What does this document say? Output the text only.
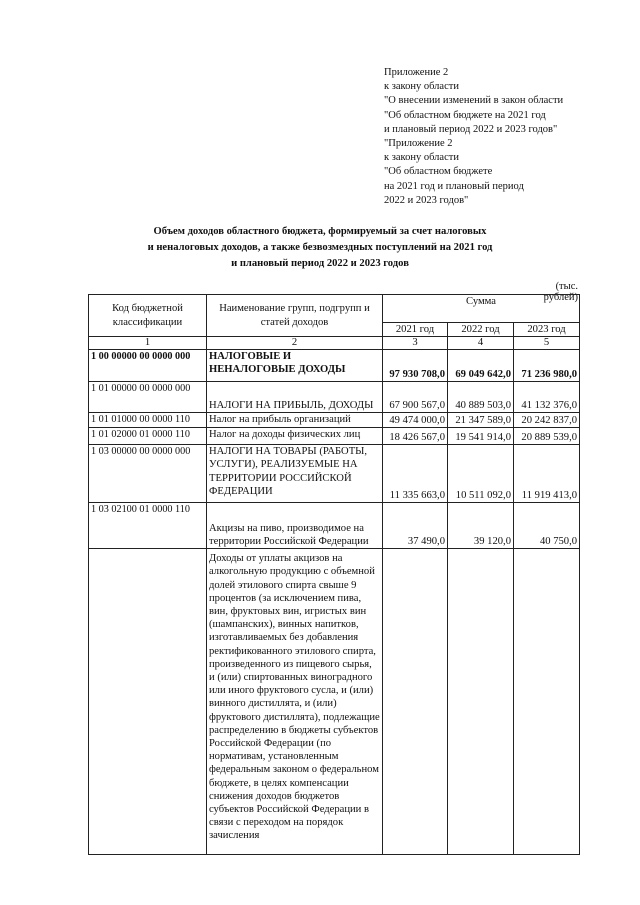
Приложение 2
к закону области
"О внесении изменений в закон области
"Об областном бюджете на 2021 год
и плановый период 2022 и 2023 годов"
"Приложение 2
к закону области
"Об областном бюджете
на 2021 год и плановый период
2022 и 2023 годов"
Объем доходов областного бюджета, формируемый за счет налоговых
и неналоговых доходов, а также безвозмездных поступлений на 2021 год
и плановый период 2022 и 2023 годов
(тыс. рублей)
Код бюджетной классификации	Наименование групп, подгрупп и статей доходов	Сумма		
		2021 год	2022 год	2023 год
1	2	3	4	5
1 00 00000 00 0000 000	НАЛОГОВЫЕ И НЕНАЛОГОВЫЕ ДОХОДЫ	97 930 708,0	69 049 642,0	71 236 980,0
1 01 00000 00 0000 000	НАЛОГИ НА ПРИБЫЛЬ, ДОХОДЫ	67 900 567,0	40 889 503,0	41 132 376,0
1 01 01000 00 0000 110	Налог на прибыль организаций	49 474 000,0	21 347 589,0	20 242 837,0
1 01 02000 01 0000 110	Налог на доходы физических лиц	18 426 567,0	19 541 914,0	20 889 539,0
1 03 00000 00 0000 000	НАЛОГИ НА ТОВАРЫ (РАБОТЫ, УСЛУГИ), РЕАЛИЗУЕМЫЕ НА ТЕРРИТОРИИ РОССИЙСКОЙ ФЕДЕРАЦИИ	11 335 663,0	10 511 092,0	11 919 413,0
1 03 02100 01 0000 110	Акцизы на пиво, производимое на территории Российской Федерации	37 490,0	39 120,0	40 750,0
	Доходы от уплаты акцизов на алкогольную продукцию с объемной долей этилового спирта свыше 9 процентов (за исключением пива, вин, фруктовых вин, игристых вин (шампанских), винных напитков, изготавливаемых без добавления ректификованного этилового спирта, произведенного из пищевого сырья, и (или) спиртованных виноградного или иного фруктового сусла, и (или) винного дистиллята, и (или) фруктового дистиллята), подлежащие распределению в бюджеты субъектов Российской Федерации (по нормативам, установленным федеральным законом о федеральном бюджете, в целях компенсации снижения доходов бюджетов субъектов Российской Федерации в связи с переходом на порядок зачисления			
